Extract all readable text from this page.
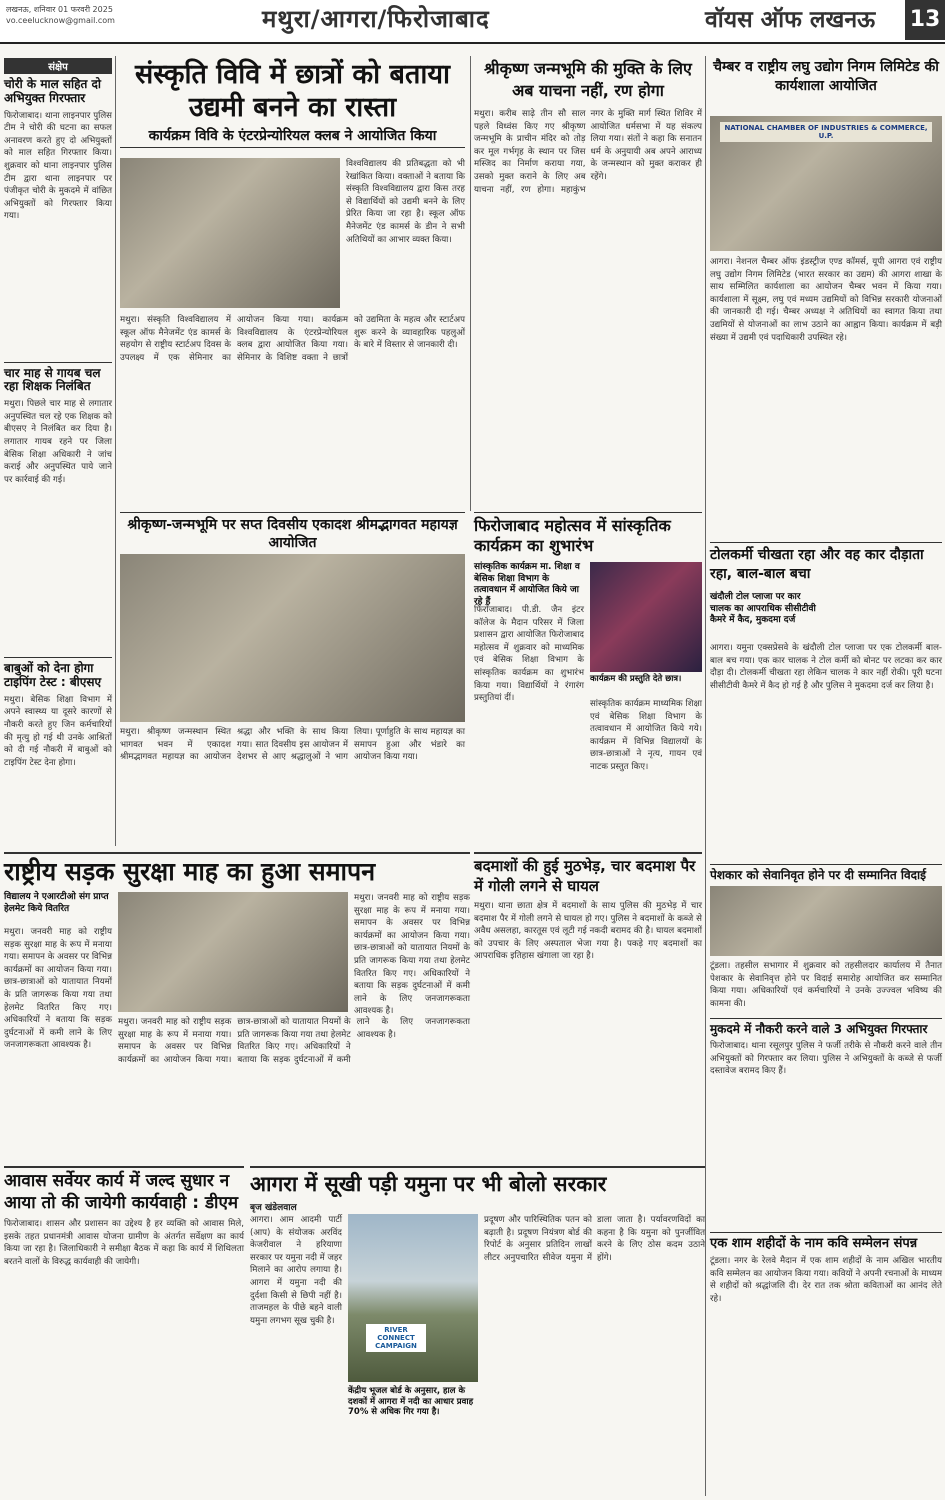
लखनऊ, शनिवार 01 फरवरी 2025
vo.ceelucknow@gmail.com	मथुरा/आगरा/फिरोजाबाद	वॉयस ऑफ लखनऊ 13
संक्षेप
चोरी के माल सहित दो अभियुक्त गिरफ्तार
फिरोजाबाद। थाना लाइनपार पुलिस टीम ने चोरी की घटना का सफल अनावरण करते हुए दो अभियुक्तों को माल सहित गिरफ्तार किया। शुक्रवार को थाना लाइनपार पुलिस टीम द्वारा थाना लाइनपार पर पंजीकृत चोरी के मुकदमे में वांछित अभियुक्तों को गिरफ्तार किया गया।
चार माह से गायब चल रहा शिक्षक निलंबित
मथुरा। पिछले चार माह से लगातार अनुपस्थित चल रहे एक शिक्षक को बीएसए ने निलंबित कर दिया है। लगातार गायब रहने पर जिला बेसिक शिक्षा अधिकारी ने जांच कराई और अनुपस्थित पाये जाने पर कार्रवाई की गई।
बाबुओं को देना होगा टाइपिंग टेस्ट : बीएसए
मथुरा। बेसिक शिक्षा विभाग में अपने स्वास्थ्य या दूसरे कारणों से नौकरी करते हुए जिन कर्मचारियों की मृत्यु हो गई थी उनके आश्रितों को दी गई नौकरी में बाबुओं को टाइपिंग टेस्ट देना होगा।
संस्कृति विवि में छात्रों को बताया उद्यमी बनने का रास्ता
कार्यक्रम विवि के एंटरप्रेन्योरियल क्लब ने आयोजित किया
विश्वविद्यालय की प्रतिबद्धता को भी रेखांकित किया। वक्ताओं ने बताया कि संस्कृति विश्वविद्यालय द्वारा किस तरह से विद्यार्थियों को उद्यमी बनने के लिए प्रेरित किया जा रहा है। स्कूल ऑफ मैनेजमेंट एंड कामर्स के डीन ने सभी अतिथियों का आभार व्यक्त किया।
मथुरा। संस्कृति विश्वविद्यालय में स्कूल ऑफ मैनेजमेंट एंड कामर्स के सहयोग से राष्ट्रीय स्टार्टअप दिवस के उपलक्ष्य में एक सेमिनार का आयोजन किया गया। कार्यक्रम विश्वविद्यालय के एंटरप्रेन्योरियल क्लब द्वारा आयोजित किया गया। सेमिनार के विशिष्ट वक्ता ने छात्रों को उद्यमिता के महत्व और स्टार्टअप शुरू करने के व्यावहारिक पहलुओं के बारे में विस्तार से जानकारी दी।
श्रीकृष्ण जन्मभूमि की मुक्ति के लिए अब याचना नहीं, रण होगा
मथुरा। करीब साढ़े तीन सौ साल पहले विध्वंस किए गए श्रीकृष्ण जन्मभूमि के प्राचीन मंदिर को तोड़ कर मूल गर्भगृह के स्थान पर जिस मस्जिद का निर्माण कराया गया, उसको मुक्त कराने के लिए अब याचना नहीं, रण होगा। महाकुंभ नगर के मुक्ति मार्ग स्थित शिविर में आयोजित धर्मसभा में यह संकल्प लिया गया। संतों ने कहा कि सनातन धर्म के अनुयायी अब अपने आराध्य के जन्मस्थान को मुक्त कराकर ही रहेंगे।
चैम्बर व राष्ट्रीय लघु उद्योग निगम लिमिटेड की कार्यशाला आयोजित
NATIONAL CHAMBER OF INDUSTRIES & COMMERCE, U.P.
आगरा। नेशनल चैम्बर ऑफ इंडस्ट्रीज एण्ड कॉमर्स, यूपी आगरा एवं राष्ट्रीय लघु उद्योग निगम लिमिटेड (भारत सरकार का उद्यम) की आगरा शाखा के साथ सम्मिलित कार्यशाला का आयोजन चैम्बर भवन में किया गया। कार्यशाला में सूक्ष्म, लघु एवं मध्यम उद्यमियों को विभिन्न सरकारी योजनाओं की जानकारी दी गई। चैम्बर अध्यक्ष ने अतिथियों का स्वागत किया तथा उद्यमियों से योजनाओं का लाभ उठाने का आह्वान किया। कार्यक्रम में बड़ी संख्या में उद्यमी एवं पदाधिकारी उपस्थित रहे।
श्रीकृष्ण-जन्मभूमि पर सप्त दिवसीय एकादश श्रीमद्भागवत महायज्ञ आयोजित
मथुरा। श्रीकृष्ण जन्मस्थान स्थित भागवत भवन में एकादश श्रीमद्भागवत महायज्ञ का आयोजन श्रद्धा और भक्ति के साथ किया गया। सात दिवसीय इस आयोजन में देशभर से आए श्रद्धालुओं ने भाग लिया। पूर्णाहुति के साथ महायज्ञ का समापन हुआ और भंडारे का आयोजन किया गया।
फिरोजाबाद महोत्सव में सांस्कृतिक कार्यक्रम का शुभारंभ
सांस्कृतिक कार्यक्रम मा. शिक्षा व बेसिक शिक्षा विभाग के तत्वावधान में आयोजित किये जा रहे हैं
फिरोजाबाद। पी.डी. जैन इंटर कॉलेज के मैदान परिसर में जिला प्रशासन द्वारा आयोजित फिरोजाबाद महोत्सव में शुक्रवार को माध्यमिक एवं बेसिक शिक्षा विभाग के सांस्कृतिक कार्यक्रम का शुभारंभ किया गया। विद्यार्थियों ने रंगारंग प्रस्तुतियां दीं।
कार्यक्रम की प्रस्तुति देते छात्र।
सांस्कृतिक कार्यक्रम माध्यमिक शिक्षा एवं बेसिक शिक्षा विभाग के तत्वावधान में आयोजित किये गये। कार्यक्रम में विभिन्न विद्यालयों के छात्र-छात्राओं ने नृत्य, गायन एवं नाटक प्रस्तुत किए।
टोलकर्मी चीखता रहा और वह कार दौड़ाता रहा, बाल-बाल बचा
खंदौली टोल प्लाजा पर कार चालक का आपराधिक सीसीटीवी कैमरे में कैद, मुकदमा दर्ज
आगरा। यमुना एक्सप्रेसवे के खंदौली टोल प्लाजा पर एक टोलकर्मी बाल-बाल बच गया। एक कार चालक ने टोल कर्मी को बोनट पर लटका कर कार दौड़ा दी। टोलकर्मी चीखता रहा लेकिन चालक ने कार नहीं रोकी। पूरी घटना सीसीटीवी कैमरे में कैद हो गई है और पुलिस ने मुकदमा दर्ज कर लिया है।
राष्ट्रीय सड़क सुरक्षा माह का हुआ समापन
विद्यालय ने एआरटीओ संग प्राप्त हेलमेट किये वितरित
मथुरा। जनवरी माह को राष्ट्रीय सड़क सुरक्षा माह के रूप में मनाया गया। समापन के अवसर पर विभिन्न कार्यक्रमों का आयोजन किया गया। छात्र-छात्राओं को यातायात नियमों के प्रति जागरूक किया गया तथा हेलमेट वितरित किए गए। अधिकारियों ने बताया कि सड़क दुर्घटनाओं में कमी लाने के लिए जनजागरूकता आवश्यक है।
मथुरा। जनवरी माह को राष्ट्रीय सड़क सुरक्षा माह के रूप में मनाया गया। समापन के अवसर पर विभिन्न कार्यक्रमों का आयोजन किया गया। छात्र-छात्राओं को यातायात नियमों के प्रति जागरूक किया गया तथा हेलमेट वितरित किए गए। अधिकारियों ने बताया कि सड़क दुर्घटनाओं में कमी लाने के लिए जनजागरूकता आवश्यक है।
मथुरा। जनवरी माह को राष्ट्रीय सड़क सुरक्षा माह के रूप में मनाया गया। समापन के अवसर पर विभिन्न कार्यक्रमों का आयोजन किया गया। छात्र-छात्राओं को यातायात नियमों के प्रति जागरूक किया गया तथा हेलमेट वितरित किए गए। अधिकारियों ने बताया कि सड़क दुर्घटनाओं में कमी लाने के लिए जनजागरूकता आवश्यक है।
बदमाशों की हुई मुठभेड़, चार बदमाश पैर में गोली लगने से घायल
मथुरा। थाना छाता क्षेत्र में बदमाशों के साथ पुलिस की मुठभेड़ में चार बदमाश पैर में गोली लगने से घायल हो गए। पुलिस ने बदमाशों के कब्जे से अवैध असलहा, कारतूस एवं लूटी गई नकदी बरामद की है। घायल बदमाशों को उपचार के लिए अस्पताल भेजा गया है। पकड़े गए बदमाशों का आपराधिक इतिहास खंगाला जा रहा है।
पेशकार को सेवानिवृत होने पर दी सम्मानित विदाई
टूंडला। तहसील सभागार में शुक्रवार को तहसीलदार कार्यालय में तैनात पेशकार के सेवानिवृत्त होने पर विदाई समारोह आयोजित कर सम्मानित किया गया। अधिकारियों एवं कर्मचारियों ने उनके उज्ज्वल भविष्य की कामना की।
मुकदमे में नौकरी करने वाले 3 अभियुक्त गिरफ्तार
फिरोजाबाद। थाना रसूलपुर पुलिस ने फर्जी तरीके से नौकरी करने वाले तीन अभियुक्तों को गिरफ्तार कर लिया। पुलिस ने अभियुक्तों के कब्जे से फर्जी दस्तावेज बरामद किए हैं।
एक शाम शहीदों के नाम कवि सम्मेलन संपन्न
टूंडला। नगर के रेलवे मैदान में एक शाम शहीदों के नाम अखिल भारतीय कवि सम्मेलन का आयोजन किया गया। कवियों ने अपनी रचनाओं के माध्यम से शहीदों को श्रद्धांजलि दी। देर रात तक श्रोता कविताओं का आनंद लेते रहे।
आवास सर्वेयर कार्य में जल्द सुधार न आया तो की जायेगी कार्यवाही : डीएम
फिरोजाबाद। शासन और प्रशासन का उद्देश्य है हर व्यक्ति को आवास मिले, इसके तहत प्रधानमंत्री आवास योजना ग्रामीण के अंतर्गत सर्वेक्षण का कार्य किया जा रहा है। जिलाधिकारी ने समीक्षा बैठक में कहा कि कार्य में शिथिलता बरतने वालों के विरुद्ध कार्यवाही की जायेगी।
आगरा में सूखी पड़ी यमुना पर भी बोलो सरकार
बृज खंडेलवाल
आगरा। आम आदमी पार्टी (आप) के संयोजक अरविंद केजरीवाल ने हरियाणा सरकार पर यमुना नदी में जहर मिलाने का आरोप लगाया है। आगरा में यमुना नदी की दुर्दशा किसी से छिपी नहीं है। ताजमहल के पीछे बहने वाली यमुना लगभग सूख चुकी है।
RIVER CONNECT CAMPAIGN
केंद्रीय भूजल बोर्ड के अनुसार, हाल के दशकों में आगरा में नदी का आधार प्रवाह 70% से अधिक गिर गया है।
प्रदूषण और पारिस्थितिक पतन को बढ़ाती है। प्रदूषण नियंत्रण बोर्ड की रिपोर्ट के अनुसार प्रतिदिन लाखों लीटर अनुपचारित सीवेज यमुना में डाला जाता है। पर्यावरणविदों का कहना है कि यमुना को पुनर्जीवित करने के लिए ठोस कदम उठाने होंगे।
